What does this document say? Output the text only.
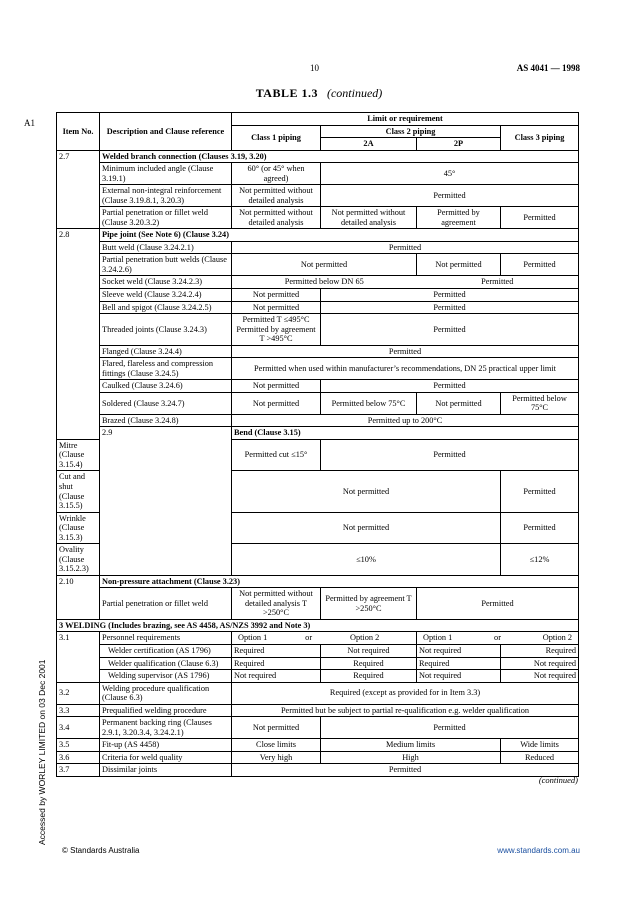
10	AS 4041 — 1998
TABLE 1.3 (continued)
A1
Accessed by WORLEY LIMITED on 03 Dec 2001
Item No.	Description and Clause reference	Limit or requirement			
		Class 1 piping	Class 2 piping		Class 3 piping
			2A	2P	
2.7	Welded branch connection (Clauses 3.19, 3.20)				
	Minimum included angle (Clause 3.19.1)	60° (or 45° when agreed)	45°		
	External non-integral reinforcement (Clause 3.19.8.1, 3.20.3)	Not permitted without detailed analysis	Permitted		
	Partial penetration or fillet weld (Clause 3.20.3.2)	Not permitted without detailed analysis	Not permitted without detailed analysis	Permitted by agreement	Permitted
2.8	Pipe joint (See Note 6) (Clause 3.24)				
	Butt weld (Clause 3.24.2.1)	Permitted			
	Partial penetration butt welds (Clause 3.24.2.6)	Not permitted		Not permitted	Permitted
	Socket weld (Clause 3.24.2.3)	Permitted below DN 65		Permitted	
	Sleeve weld (Clause 3.24.2.4)	Not permitted	Permitted		
	Bell and spigot (Clause 3.24.2.5)	Not permitted	Permitted		
	Threaded joints (Clause 3.24.3)	Permitted T ≤495°C Permitted by agreement T >495°C	Permitted		
	Flanged (Clause 3.24.4)	Permitted			
	Flared, flareless and compression fittings (Clause 3.24.5)	Permitted when used within manufacturer’s recommendations, DN 25 practical upper limit			
	Caulked (Clause 3.24.6)	Not permitted	Permitted		
	Soldered (Clause 3.24.7)	Not permitted	Permitted below 75°C	Not permitted	Permitted below 75°C
	Brazed (Clause 3.24.8)	Permitted up to 200°C			
	2.9	Bend (Clause 3.15)			
Mitre (Clause 3.15.4)		Permitted cut ≤15°	Permitted		
Cut and shut (Clause 3.15.5)		Not permitted			Permitted
Wrinkle (Clause 3.15.3)		Not permitted			Permitted
Ovality (Clause 3.15.2.3)		≤10%			≤12%
2.10	Non-pressure attachment (Clause 3.23)				
	Partial penetration or fillet weld	Not permitted without detailed analysis T >250°C	Permitted by agreement T >250°C	Permitted	
3 WELDING (Includes brazing, see AS 4458, AS/NZS 3992 and Note 3)					
3.1	Personnel requirements	Option 1 or Option 2		Option 1 or Option 2	

	Welder certification (AS 1796)	Required	Not required	Not required	Required
	Welder qualification (Clause 6.3)	Required	Required	Required	Not required
	Welding supervisor (AS 1796)	Not required	Required	Not required	Not required
3.2	Welding procedure qualification (Clause 6.3)	Required (except as provided for in Item 3.3)			
3.3	Prequalified welding procedure	Permitted but be subject to partial re-qualification e.g. welder qualification			
3.4	Permanent backing ring (Clauses 2.9.1, 3.20.3.4, 3.24.2.1)	Not permitted	Permitted		
3.5	Fit-up (AS 4458)	Close limits	Medium limits		Wide limits
3.6	Criteria for weld quality	Very high	High		Reduced
3.7	Dissimilar joints	Permitted			
(continued)
© Standards Australia	www.standards.com.au
